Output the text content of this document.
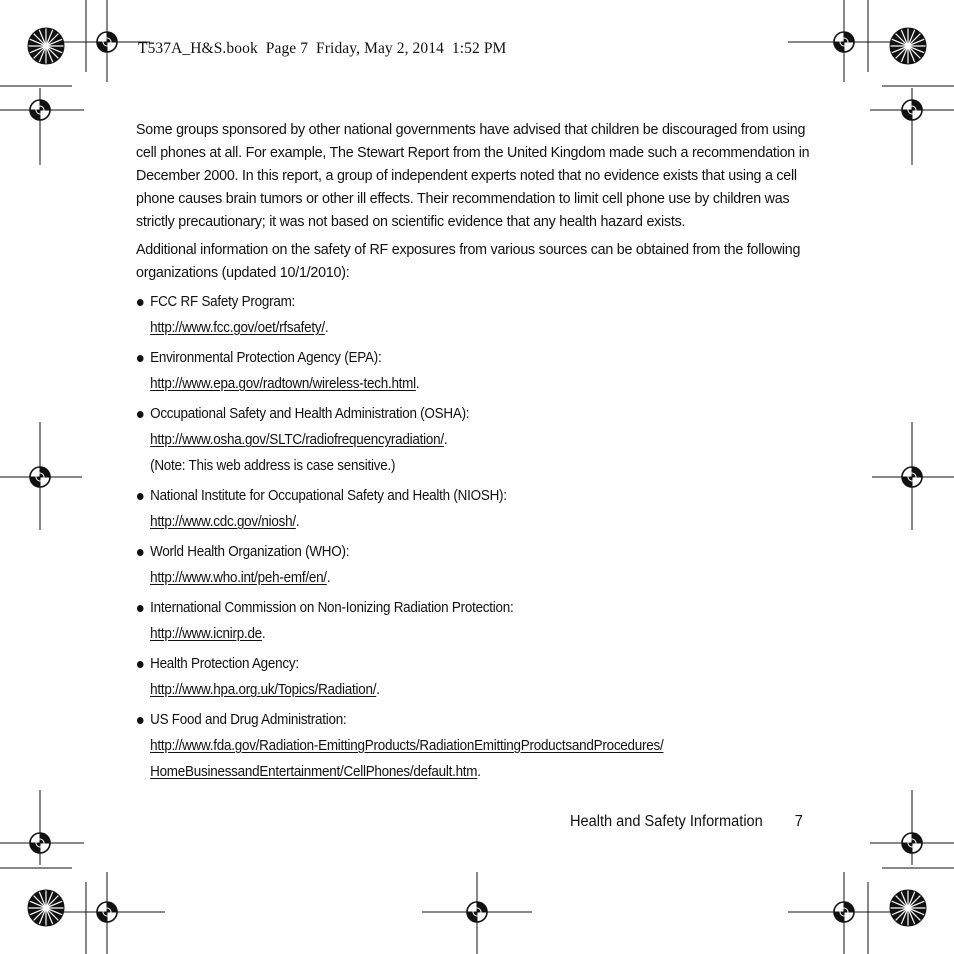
T537A_H&S.book  Page 7  Friday, May 2, 2014  1:52 PM

Some groups sponsored by other national governments have advised that children be discouraged from using cell phones at all. For example, The Stewart Report from the United Kingdom made such a recommendation in December 2000. In this report, a group of independent experts noted that no evidence exists that using a cell phone causes brain tumors or other ill effects. Their recommendation to limit cell phone use by children was strictly precautionary; it was not based on scientific evidence that any health hazard exists.

Additional information on the safety of RF exposures from various sources can be obtained from the following organizations (updated 10/1/2010):

FCC RF Safety Program:
http://www.fcc.gov/oet/rfsafety/.
Environmental Protection Agency (EPA):
http://www.epa.gov/radtown/wireless-tech.html.
Occupational Safety and Health Administration (OSHA):
http://www.osha.gov/SLTC/radiofrequencyradiation/.
(Note: This web address is case sensitive.)
National Institute for Occupational Safety and Health (NIOSH):
http://www.cdc.gov/niosh/.
World Health Organization (WHO):
http://www.who.int/peh-emf/en/.
International Commission on Non-Ionizing Radiation Protection:
http://www.icnirp.de.
Health Protection Agency:
http://www.hpa.org.uk/Topics/Radiation/.
US Food and Drug Administration:
http://www.fda.gov/Radiation-EmittingProducts/RadiationEmittingProductsandProcedures/
HomeBusinessandEntertainment/CellPhones/default.htm.
Health and Safety Information 7
